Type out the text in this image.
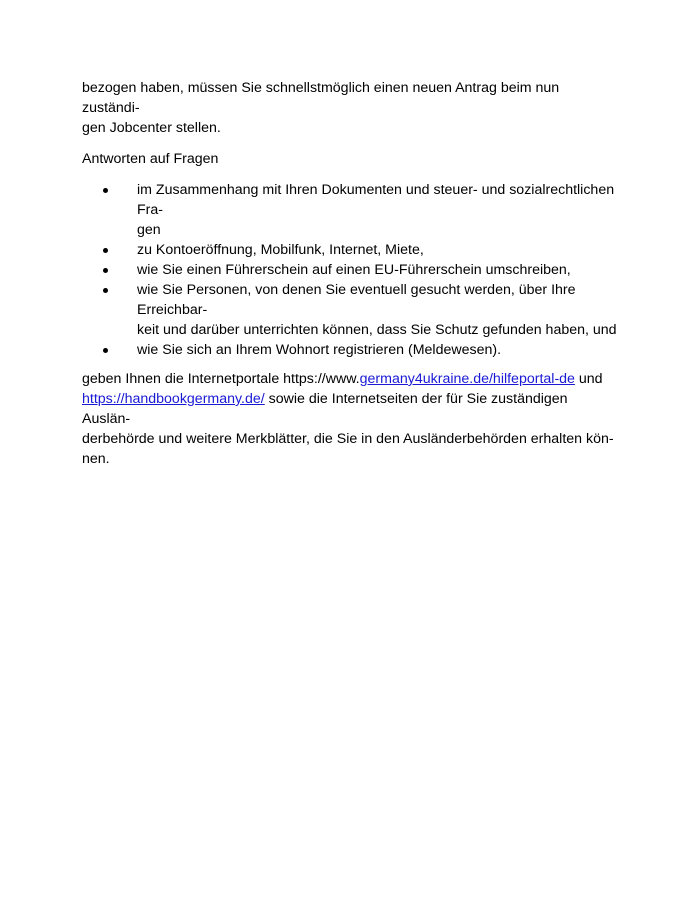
bezogen haben, müssen Sie schnellstmöglich einen neuen Antrag beim nun zuständi-
gen Jobcenter stellen.

Antworten auf Fragen

im Zusammenhang mit Ihren Dokumenten und steuer- und sozialrechtlichen Fra-
gen
zu Kontoeröffnung, Mobilfunk, Internet, Miete,
wie Sie einen Führerschein auf einen EU-Führerschein umschreiben,
wie Sie Personen, von denen Sie eventuell gesucht werden, über Ihre Erreichbar-
keit und darüber unterrichten können, dass Sie Schutz gefunden haben, und
wie Sie sich an Ihrem Wohnort registrieren (Meldewesen).

geben Ihnen die Internetportale https://www.germany4ukraine.de/hilfeportal-de und
https://handbookgermany.de/ sowie die Internetseiten der für Sie zuständigen Auslän-
derbehörde und weitere Merkblätter, die Sie in den Ausländerbehörden erhalten kön-
nen.
